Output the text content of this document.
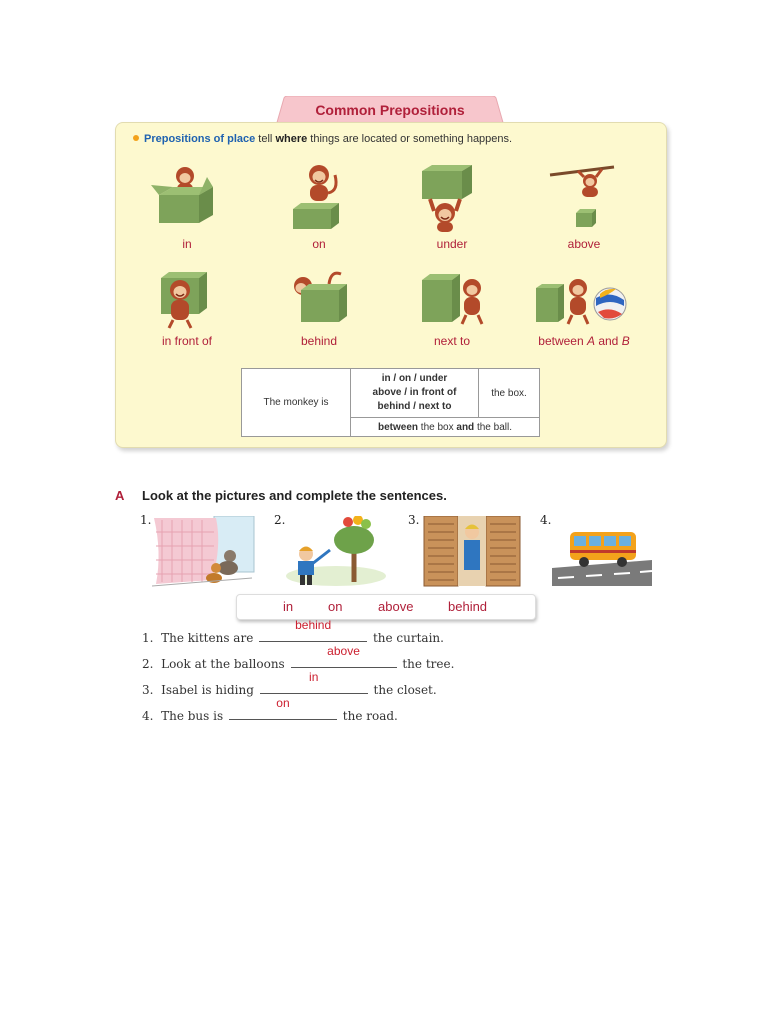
Common Prepositions
Prepositions of place tell where things are located or something happens.
in	on	under	above
in front of	behind	next to	between A and B
The monkey is	in / on / under
above / in front of
behind / next to	the box.
between the box and the ball.
A Look at the pictures and complete the sentences.
1.	2.	3.	4.
in	on	above	behind
1. The kittens are
behind
the curtain.
2. Look at the balloons
above
the tree.
3. Isabel is hiding
in
the closet.
4. The bus is
on
the road.
